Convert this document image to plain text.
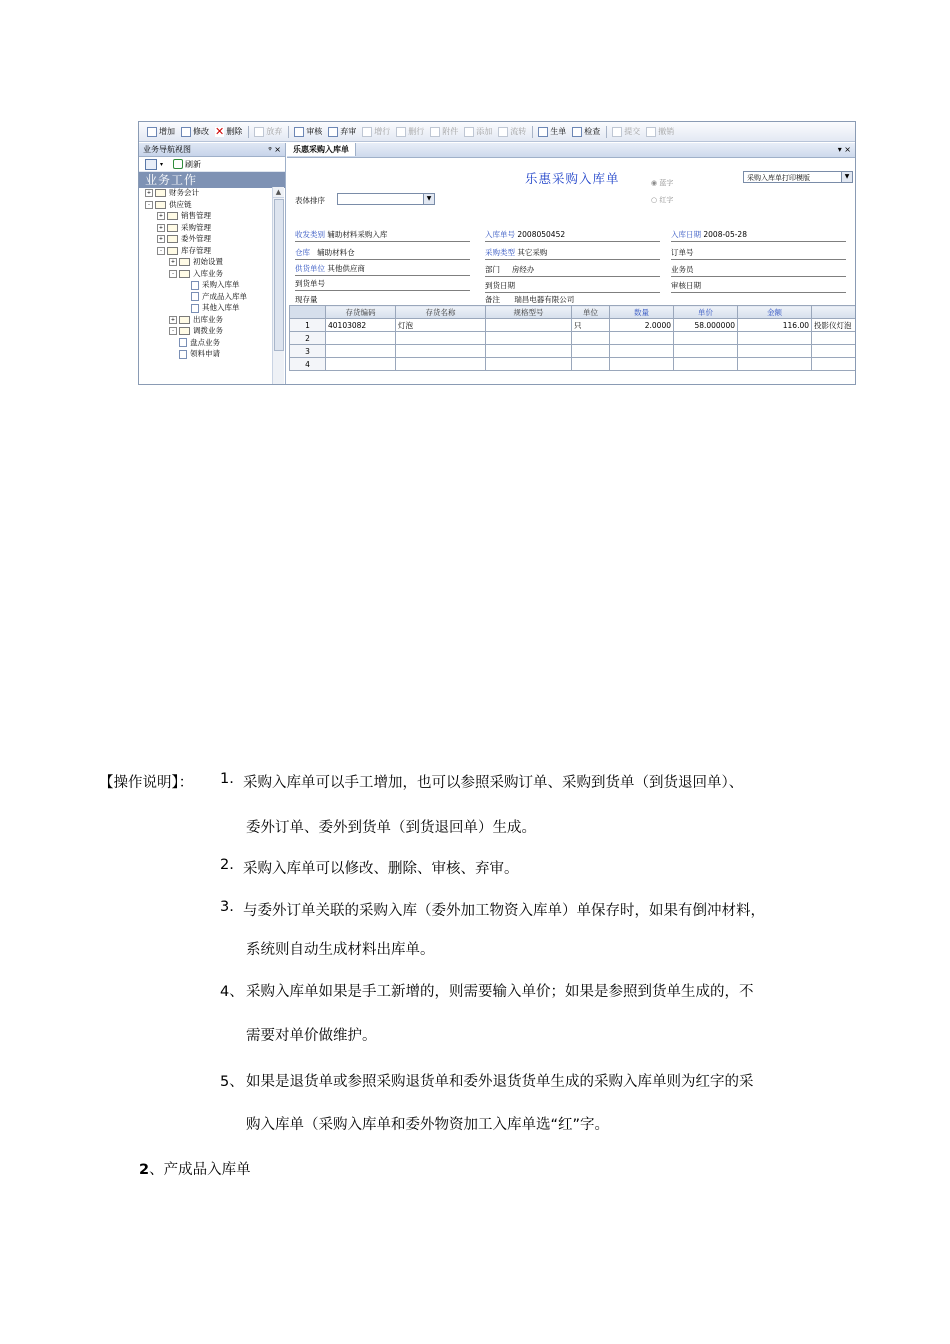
增加 修改 ✕ 删除	放弃	审核 弃审 增行 删行 附件 添加 流转	生单 检查	提交 撤销
业务导航视图	ᵠ ×
▾	刷新
业务工作
+ 财务会计
-	供应链
+ 销售管理
+ 采购管理
+ 委外管理
-	库存管理
+ 初始设置
-	入库业务
采购入库单
产成品入库单
其他入库单
+ 出库业务
-	调拨业务
盘点业务
领料申请
▲
乐惠采购入库单	▾ ×
乐惠采购入库单	采购入库单打印模版	▼
◉ 蓝字
○ 红字
表体排序	▼
收发类别 辅助材料采购入库	入库单号 2008050452	入库日期 2008-05-28
仓库 辅助材料仓	采购类型 其它采购	订单号
供货单位 其他供应商	部门 房经办	业务员
到货单号	到货日期	审核日期
现存量	备注 瑞昌电器有限公司
	存货编码	存货名称	规格型号	单位	数量	单价	金额	
1	40103082	灯泡		只	2.0000	58.000000	116.00	投影仪灯泡
2								
3								
4								
【操作说明】： 1. 采购入库单可以手工增加，也可以参照采购订单、采购到货单（到货退回单）、
委外订单、委外到货单（到货退回单）生成。
2. 采购入库单可以修改、删除、审核、弃审。
3. 与委外订单关联的采购入库（委外加工物资入库单）单保存时，如果有倒冲材料，
系统则自动生成材料出库单。
4、 采购入库单如果是手工新增的，则需要输入单价；如果是参照到货单生成的，不
需要对单价做维护。
5、 如果是退货单或参照采购退货单和委外退货货单生成的采购入库单则为红字的采
购入库单（采购入库单和委外物资加工入库单选“红”字。
2、产成品入库单
